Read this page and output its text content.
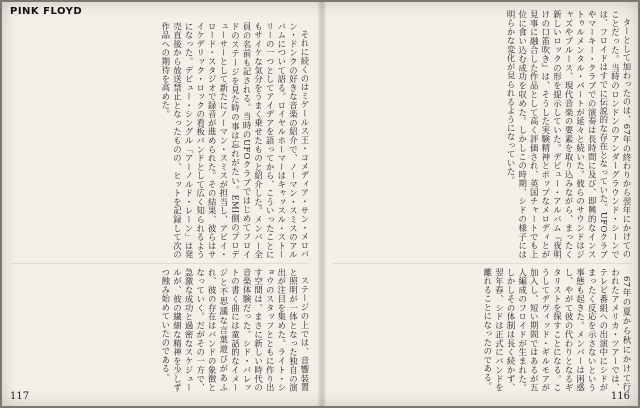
PINK FLOYD

それに続くのはミゲールス王・コメディア・サン・メロバン・ドンクの好きな音楽の紹介で、ノーマン・スミスのアルバムについて語る。ロイヤルホーマーはキャッスル・ストーリーの一つとしてアイデアを語ってから、こういったことにもサイケな気分をうまく乗せたものと紹介した。メンバー全員の名前も記される。当時のUFOクラブではじめてフロイドのステージを見た時の事は忘れがたい。EMI側のプロデューサーとして新たにノーマン・スミスが担当し、アビイ・ロード・スタジオで録音が進められた。その結果、彼らはサイケデリック・ロックの看板バンドとして広く知られるようになった。デビュー・シングル「アーノルド・レーン」は発売直後から放送禁止となったものの、ヒットを記録して次の作品への期待を高めた。

ステージの上では、音響装置と照明が一体となった独自の演出が注目を集めた。ライト・ショウのスタッフとともに作り出す空間は、まさに新しい時代の音楽体験だった。シド・バレットの書く曲には童話的なイメージと不思議な言葉遊びがあふれ、彼の存在はバンドの象徴となっていく。だがその一方で、急激な成功と過密なスケジュールが、彼の繊細な精神を少しずつ蝕み始めていたのである。

117

ターとして加わったのは、67年の終わりから翌年にかけてのことだった。当時のロンドンのアンダーグラウンド・シーンでは、フロイドはすでに伝説的な存在となっていた。UFOクラブやマーキー・クラブでの演奏は長時間に及び、即興的なインストゥルメンタル・パートが延々と続いた。彼らのサウンドはジャズやブルース、現代音楽の要素を取り込みながら、まったく新しいロックの形を提示していた。デビュー・アルバム『夜明けの口笛吹き』は、そうした実験精神とポップなメロディとが見事に融合した作品として高く評価され、英国チャートでも上位に食い込む成功を収めた。しかしこの時期、シドの様子には明らかな変化が見られるようになっていた。

67年の夏から秋にかけて行われたアメリカ・ツアーでは、テレビ番組への出演中にシドがまったく反応を示さないという事態も起きた。メンバーは困惑し、やがて彼の代わりとなるギタリストを探すことになる。こうしてデヴィッド・ギルモアが加入し、短い期間ではあるが五人編成のフロイドが生まれた。しかしその体制は長く続かず、翌年春、シドは正式にバンドを離れることになったのである。

116
